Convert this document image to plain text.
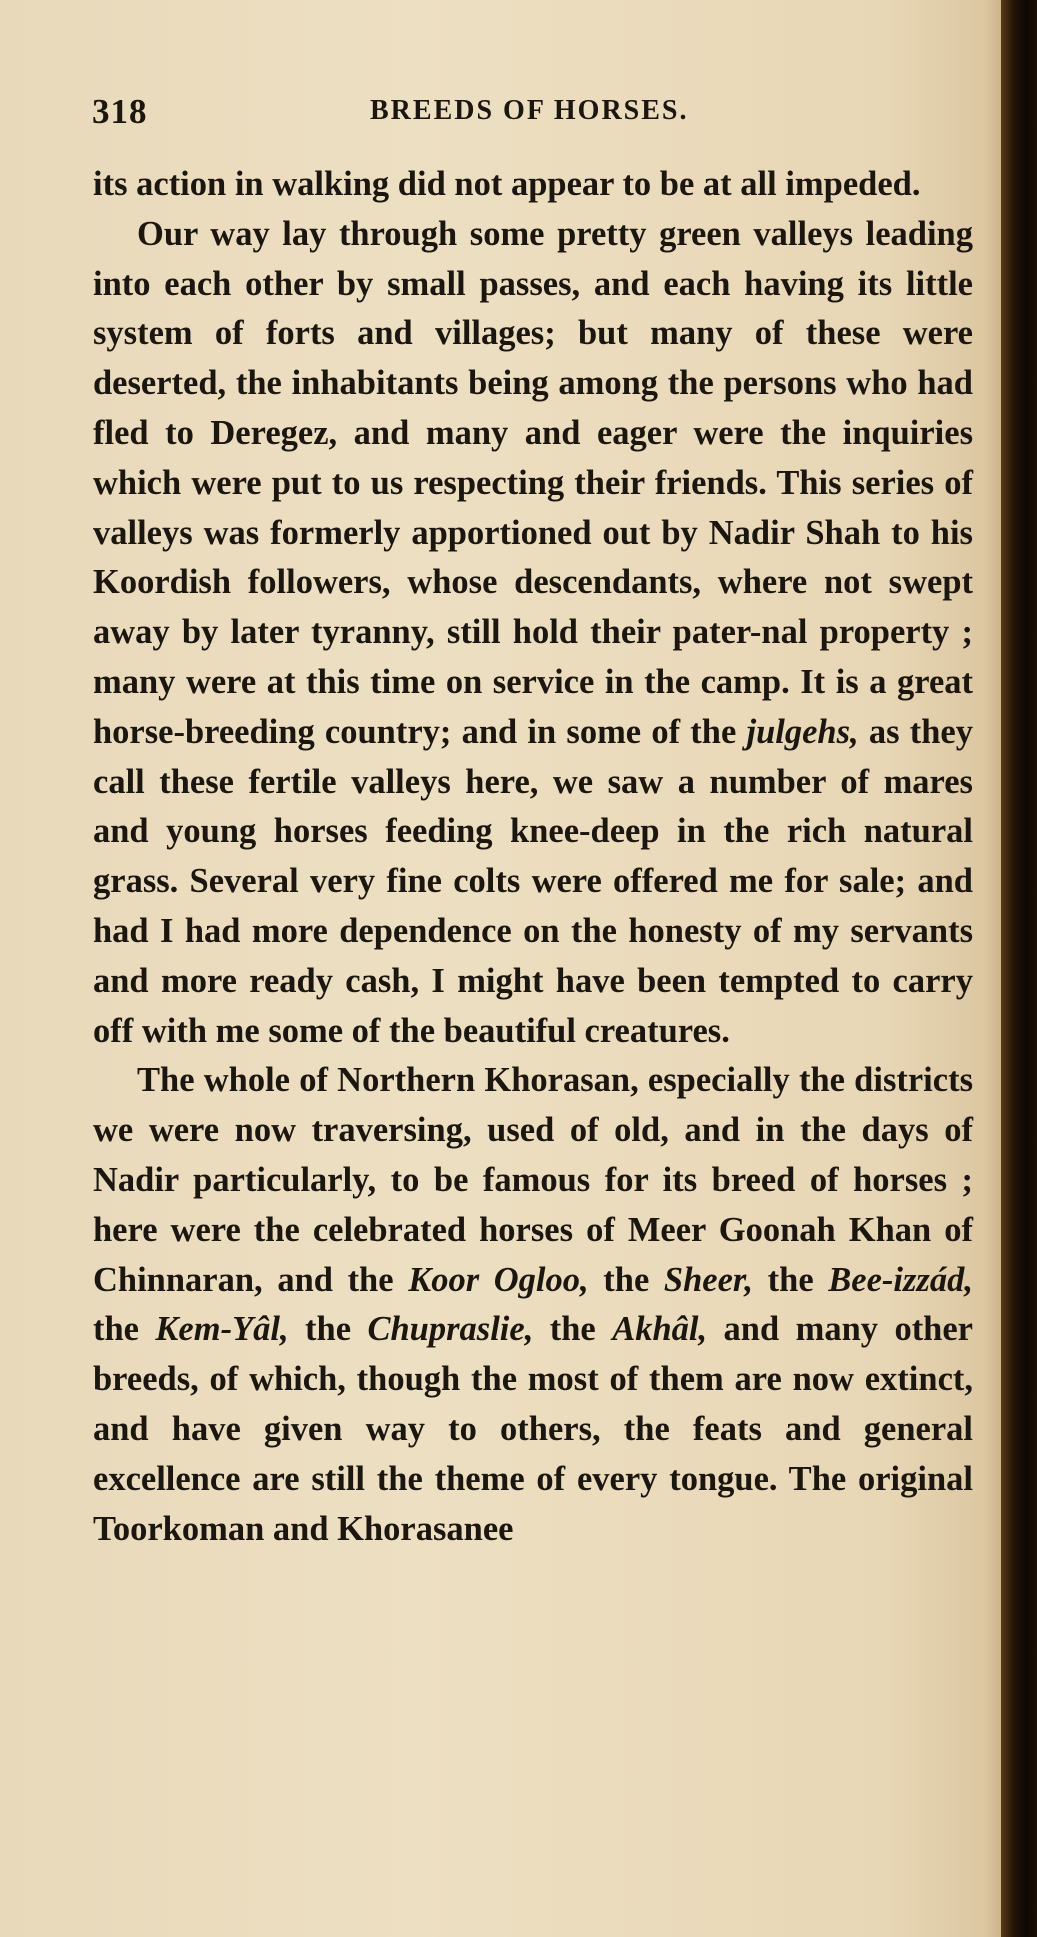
318	BREEDS OF HORSES.

its action in walking did not appear to be at all impeded.

Our way lay through some pretty green valleys leading into each other by small passes, and each having its little system of forts and villages; but many of these were deserted, the inhabitants being among the persons who had fled to Deregez, and many and eager were the inquiries which were put to us respecting their friends. This series of valleys was formerly apportioned out by Nadir Shah to his Koordish followers, whose descendants, where not swept away by later tyranny, still hold their pater-nal property ; many were at this time on service in the camp. It is a great horse-breeding country; and in some of the julgehs, as they call these fertile valleys here, we saw a number of mares and young horses feeding knee-deep in the rich natural grass. Several very fine colts were offered me for sale; and had I had more dependence on the honesty of my servants and more ready cash, I might have been tempted to carry off with me some of the beautiful creatures.

The whole of Northern Khorasan, especially the districts we were now traversing, used of old, and in the days of Nadir particularly, to be famous for its breed of horses ; here were the celebrated horses of Meer Goonah Khan of Chinnaran, and the Koor Ogloo, the Sheer, the Bee-izzád, the Kem-Yâl, the Chupraslie, the Akhâl, and many other breeds, of which, though the most of them are now extinct, and have given way to others, the feats and general excellence are still the theme of every tongue. The original Toorkoman and Khorasanee
